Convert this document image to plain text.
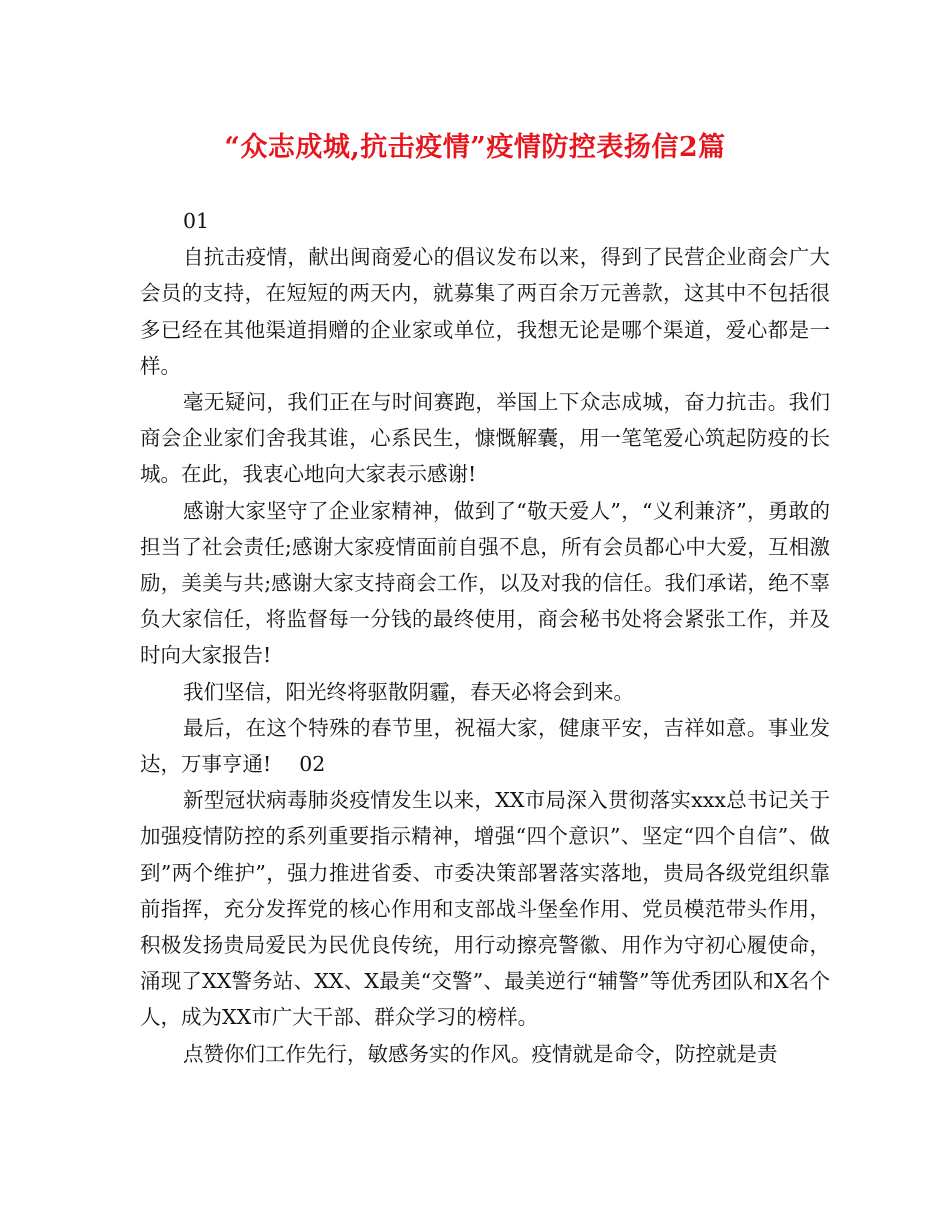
“众志成城,抗击疫情”疫情防控表扬信2篇

01

自抗击疫情，献出闽商爱心的倡议发布以来，得到了民营企业商会广大会员的支持，在短短的两天内，就募集了两百余万元善款，这其中不包括很多已经在其他渠道捐赠的企业家或单位，我想无论是哪个渠道，爱心都是一样。

毫无疑问，我们正在与时间赛跑，举国上下众志成城，奋力抗击。我们商会企业家们舍我其谁，心系民生，慷慨解囊，用一笔笔爱心筑起防疫的长城。在此，我衷心地向大家表示感谢!

感谢大家坚守了企业家精神，做到了“敬天爱人”，“义利兼济”，勇敢的担当了社会责任;感谢大家疫情面前自强不息，所有会员都心中大爱，互相激励，美美与共;感谢大家支持商会工作，以及对我的信任。我们承诺，绝不辜负大家信任，将监督每一分钱的最终使用，商会秘书处将会紧张工作，并及时向大家报告!

我们坚信，阳光终将驱散阴霾，春天必将会到来。

最后，在这个特殊的春节里，祝福大家，健康平安，吉祥如意。事业发达，万事亨通! 02

新型冠状病毒肺炎疫情发生以来，XX市局深入贯彻落实xxx总书记关于加强疫情防控的系列重要指示精神，增强“四个意识”、坚定“四个自信”、做到”两个维护”，强力推进省委、市委决策部署落实落地，贵局各级党组织靠前指挥，充分发挥党的核心作用和支部战斗堡垒作用、党员模范带头作用，积极发扬贵局爱民为民优良传统，用行动擦亮警徽、用作为守初心履使命，涌现了XX警务站、XX、X最美“交警”、最美逆行“辅警”等优秀团队和X名个人，成为XX市广大干部、群众学习的榜样。

点赞你们工作先行，敏感务实的作风。疫情就是命令，防控就是责
